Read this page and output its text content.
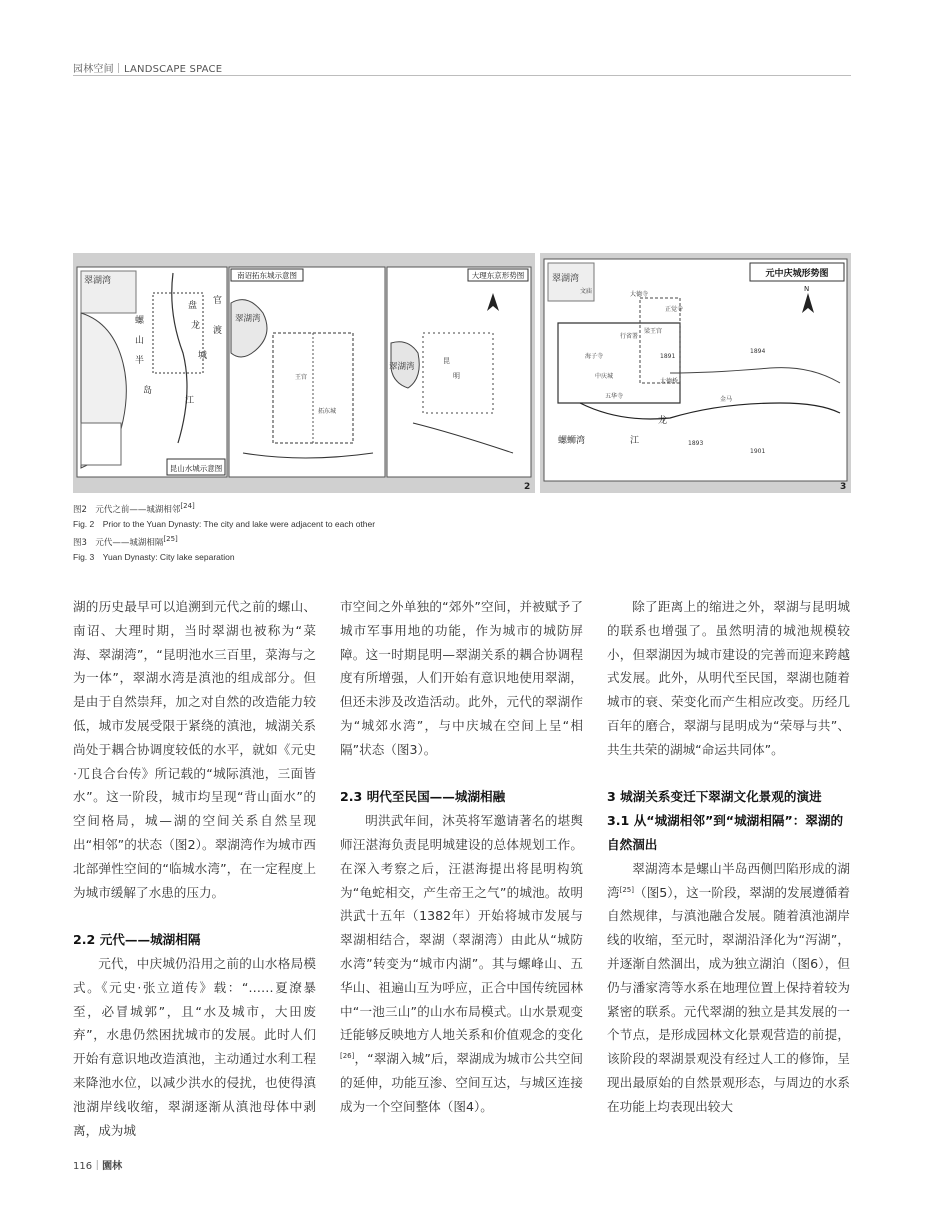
园林空间｜LANDSCAPE SPACE
昆山水城示意图
翠湖湾
螺
山
半
岛
盘
龙
江
城
官
渡
南诏拓东城示意图
翠湖湾
王宫
拓东城
大理东京形势图
翠湖湾
昆
明
2
翠湖湾	元中庆城形势图
N
文庙	大德寺
正觉寺
梁王宫
行省署
海子寺
中庆城
五华寺
龙
江
金马
1891
1894
1893
1901
螺蛳湾
大德桥
3
图2　元代之前——城湖相邻[24]
Fig. 2　Prior to the Yuan Dynasty: The city and lake were adjacent to each other
图3　元代——城湖相隔[25]
Fig. 3　Yuan Dynasty: City lake separation

湖的历史最早可以追溯到元代之前的螺山、南诏、大理时期，当时翠湖也被称为“菜海、翠湖湾”，“昆明池水三百里，菜海与之为一体”，翠湖水湾是滇池的组成部分。但是由于自然崇拜，加之对自然的改造能力较低，城市发展受限于紧绕的滇池，城湖关系尚处于耦合协调度较低的水平，就如《元史·兀良合台传》所记载的“城际滇池，三面皆水”。这一阶段，城市均呈现“背山面水”的空间格局，城—湖的空间关系自然呈现出“相邻”的状态（图2）。翠湖湾作为城市西北部弹性空间的“临城水湾”，在一定程度上为城市缓解了水患的压力。

2.2 元代——城湖相隔

元代，中庆城仍沿用之前的山水格局模式。《元史·张立道传》载：“……夏潦暴至，必冒城郭”，且“水及城市，大田废弃”，水患仍然困扰城市的发展。此时人们开始有意识地改造滇池，主动通过水利工程来降池水位，以减少洪水的侵扰，也使得滇池湖岸线收缩，翠湖逐渐从滇池母体中剥离，成为城

市空间之外单独的“郊外”空间，并被赋予了城市军事用地的功能，作为城市的城防屏障。这一时期昆明—翠湖关系的耦合协调程度有所增强，人们开始有意识地使用翠湖，但还未涉及改造活动。此外，元代的翠湖作为“城郊水湾”，与中庆城在空间上呈“相隔”状态（图3）。

2.3 明代至民国——城湖相融

明洪武年间，沐英将军邀请著名的堪舆师汪湛海负责昆明城建设的总体规划工作。在深入考察之后，汪湛海提出将昆明构筑为“龟蛇相交，产生帝王之气”的城池。故明洪武十五年（1382年）开始将城市发展与翠湖相结合，翠湖（翠湖湾）由此从“城防水湾”转变为“城市内湖”。其与螺峰山、五华山、祖遍山互为呼应，正合中国传统园林中“一池三山”的山水布局模式。山水景观变迁能够反映地方人地关系和价值观念的变化[26]，“翠湖入城”后，翠湖成为城市公共空间的延伸，功能互渗、空间互达，与城区连接成为一个空间整体（图4）。

除了距离上的缩进之外，翠湖与昆明城的联系也增强了。虽然明清的城池规模较小，但翠湖因为城市建设的完善而迎来跨越式发展。此外，从明代至民国，翠湖也随着城市的衰、荣变化而产生相应改变。历经几百年的磨合，翠湖与昆明成为“荣辱与共”、共生共荣的湖城“命运共同体”。

3 城湖关系变迁下翠湖文化景观的演进
3.1 从“城湖相邻”到“城湖相隔”：翠湖的自然涸出

翠湖湾本是螺山半岛西侧凹陷形成的湖湾[25]（图5），这一阶段，翠湖的发展遵循着自然规律，与滇池融合发展。随着滇池湖岸线的收缩，至元时，翠湖沿泽化为“泻湖”，并逐渐自然涸出，成为独立湖泊（图6），但仍与潘家湾等水系在地理位置上保持着较为紧密的联系。元代翠湖的独立是其发展的一个节点，是形成园林文化景观营造的前提，该阶段的翠湖景观没有经过人工的修饰，呈现出最原始的自然景观形态，与周边的水系在功能上均表现出较大

116｜園林
